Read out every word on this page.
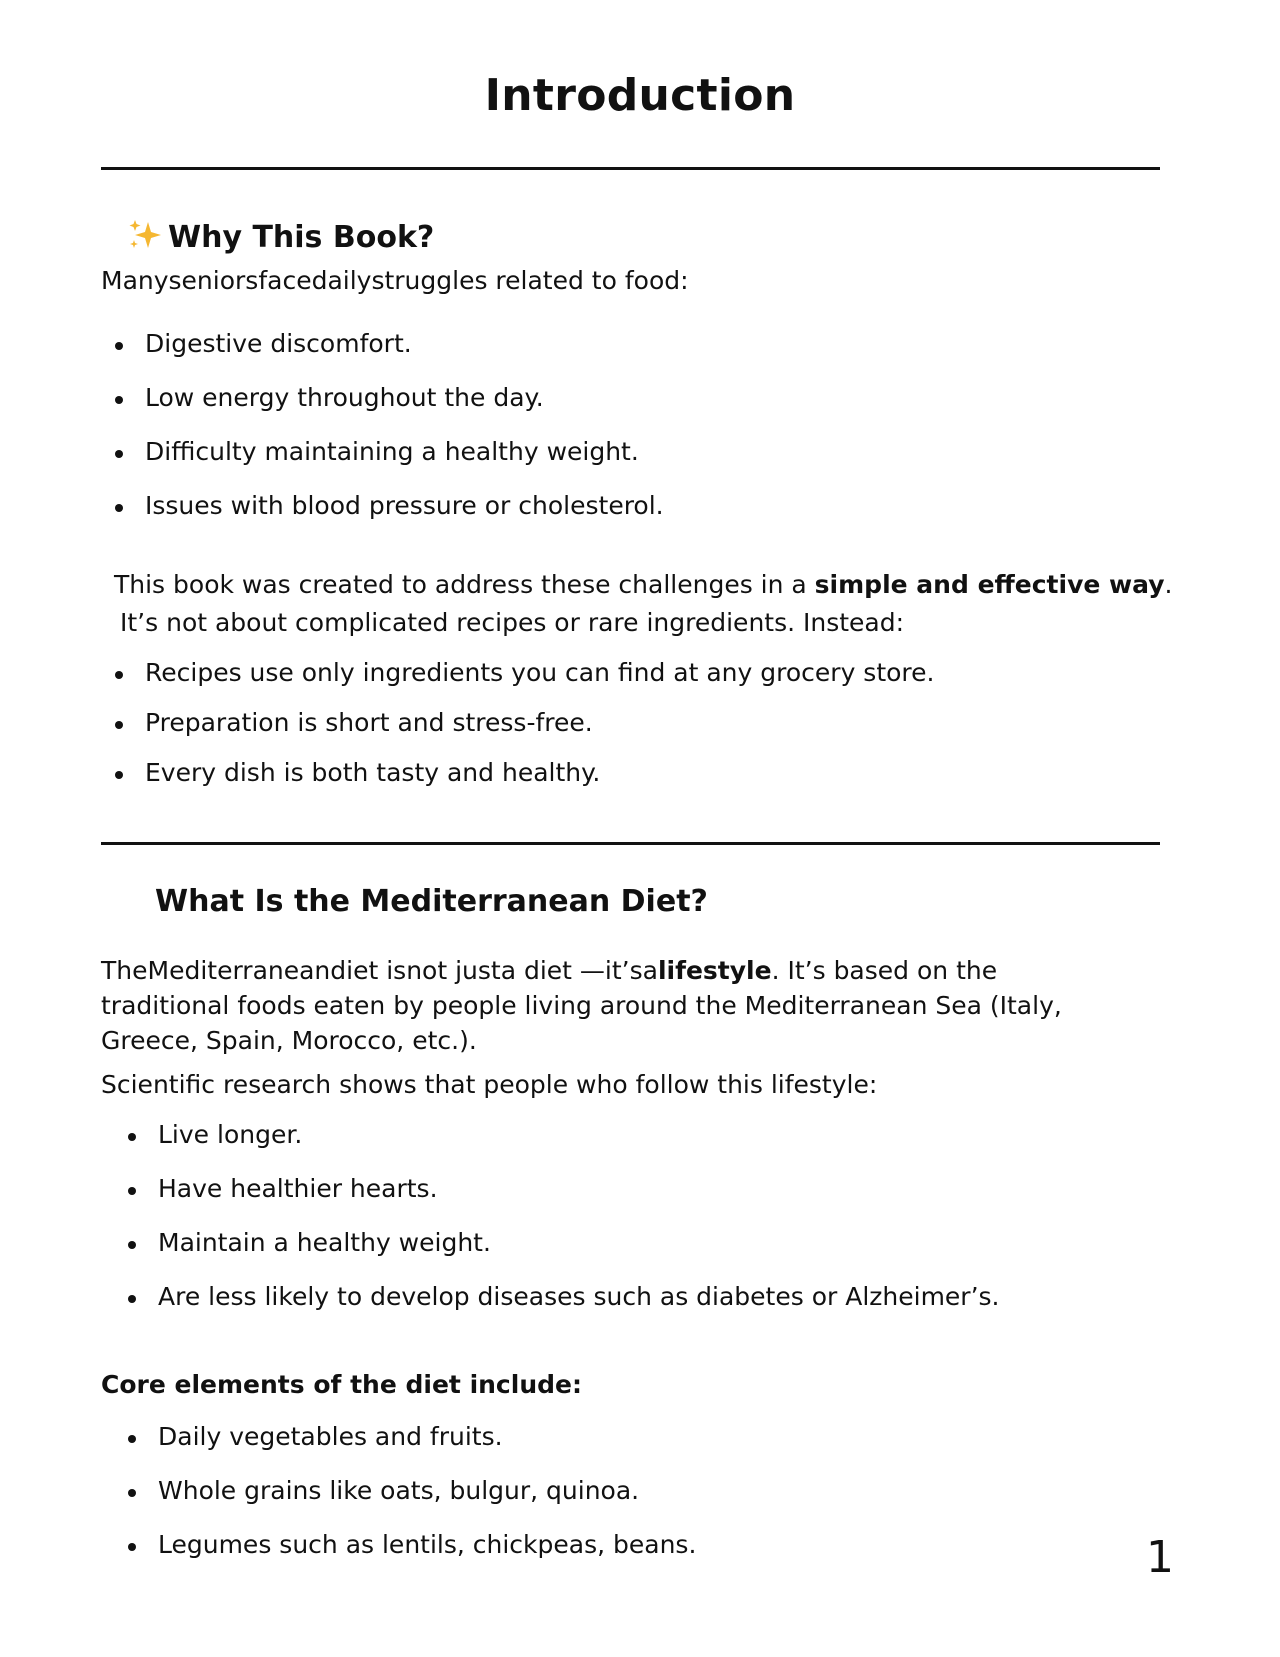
Introduction
Why This Book?
Manyseniorsfacedailystruggles related to food:
Digestive discomfort.
Low energy throughout the day.
Difficulty maintaining a healthy weight.
Issues with blood pressure or cholesterol.
This book was created to address these challenges in a simple and effective way.
It’s not about complicated recipes or rare ingredients. Instead:
Recipes use only ingredients you can find at any grocery store.
Preparation is short and stress-free.
Every dish is both tasty and healthy.
What Is the Mediterranean Diet?
TheMediterraneandiet isnot justa diet —it’salifestyle. It’s based on the traditional foods eaten by people living around the Mediterranean Sea (Italy, Greece, Spain, Morocco, etc.).
Scientific research shows that people who follow this lifestyle:
Live longer.
Have healthier hearts.
Maintain a healthy weight.
Are less likely to develop diseases such as diabetes or Alzheimer’s.
Core elements of the diet include:
Daily vegetables and fruits.
Whole grains like oats, bulgur, quinoa.
Legumes such as lentils, chickpeas, beans.	1
